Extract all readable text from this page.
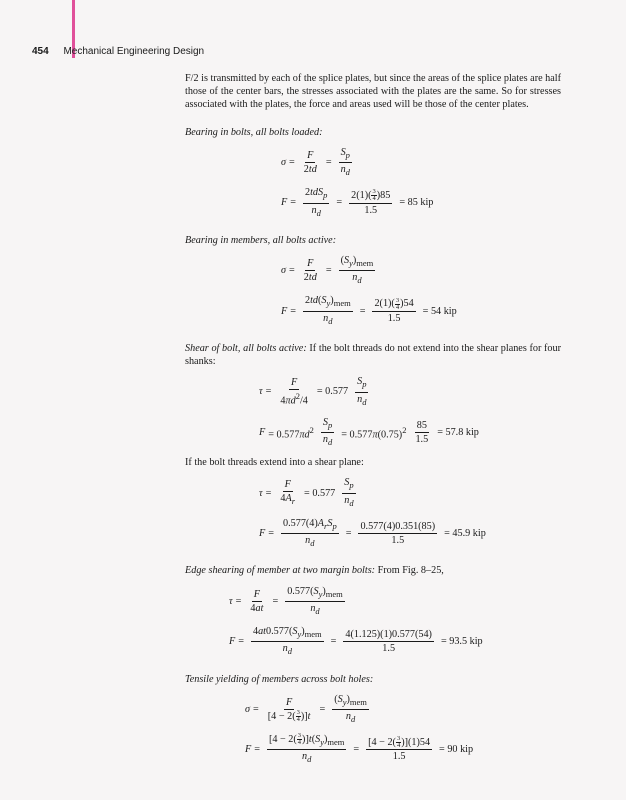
454 Mechanical Engineering Design
F/2 is transmitted by each of the splice plates, but since the areas of the splice plates are half those of the center bars, the stresses associated with the plates are the same. So for stresses associated with the plates, the force and areas used will be those of the center plates.
Bearing in bolts, all bolts loaded:
$\sigma = \frac{F}{2td} = \frac{S_p}{n_d}$
$F = \frac{2tdS_p}{n_d} = \frac{2(1)( \frac{3}{4} )85}{1.5} = 85$ kip
Bearing in members, all bolts active:
$\sigma = \frac{F}{2td} = \frac{(S_y)_{mem}}{n_d}$
$F = \frac{2td(S_y)_{mem}}{n_d} = \frac{2(1)( \frac{3}{4} )54}{1.5} = 54$ kip
Shear of bolt, all bolts active: If the bolt threads do not extend into the shear planes for four shanks:
$\tau = \frac{F}{4\pi d^2/4} = 0.577 \frac{S_p}{n_d}$
$F = 0.577\pi d^2 \frac{S_p}{n_d} = 0.577\pi(0.75)^2 \frac{85}{1.5} = 57.8$ kip
If the bolt threads extend into a shear plane:
$\tau = \frac{F}{4A_r} = 0.577 \frac{S_p}{n_d}$
$F = \frac{0.577(4)A_rS_p}{n_d} = \frac{0.577(4)0.351(85)}{1.5} = 45.9$ kip
Edge shearing of member at two margin bolts: From Fig. 8–25,
$\tau = \frac{F}{4at} = \frac{0.577(S_y)_{mem}}{n_d}$
$F = \frac{4at0.577(S_y)_{mem}}{n_d} = \frac{4(1.125)(1)0.577(54)}{1.5} = 93.5$ kip
Tensile yielding of members across bolt holes:
$\sigma = \frac{F}{[4 - 2( \frac{3}{4} )]t} = \frac{(S_y)_{mem}}{n_d}$
$F = \frac{[4 - 2( \frac{3}{4} )]t(S_y)_{mem}}{n_d} = \frac{[4 - 2( \frac{3}{4} )](1)54}{1.5} = 90$ kip
